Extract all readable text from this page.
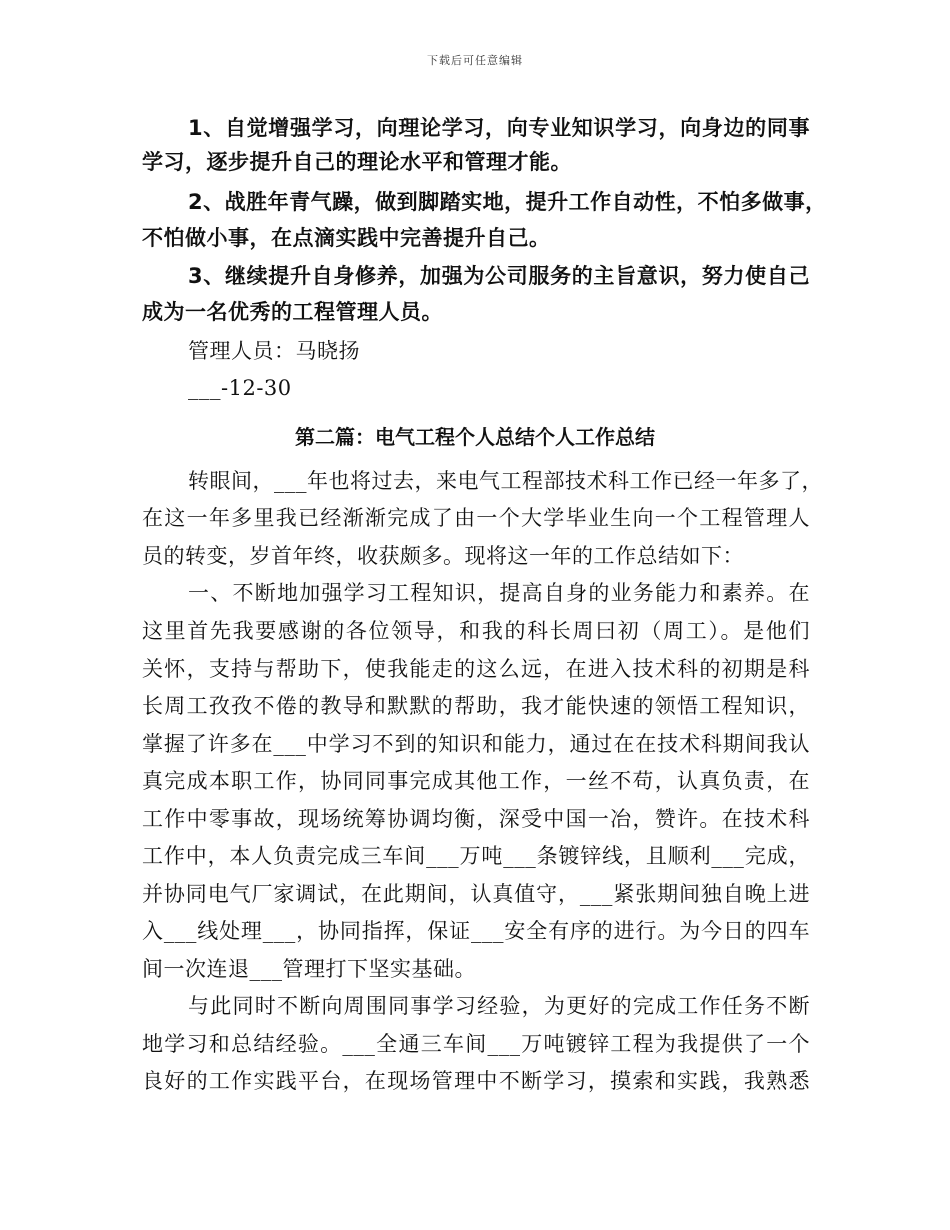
下载后可任意编辑
1、自觉增强学习，向理论学习，向专业知识学习，向身边的同事
学习，逐步提升自己的理论水平和管理才能。
2、战胜年青气躁，做到脚踏实地，提升工作自动性，不怕多做事，
不怕做小事，在点滴实践中完善提升自己。
3、继续提升自身修养，加强为公司服务的主旨意识，努力使自己
成为一名优秀的工程管理人员。
管理人员：马晓扬
___-12-30
第二篇：电气工程个人总结个人工作总结
转眼间，___年也将过去，来电气工程部技术科工作已经一年多了，
在这一年多里我已经渐渐完成了由一个大学毕业生向一个工程管理人
员的转变，岁首年终，收获颇多。现将这一年的工作总结如下：
一、不断地加强学习工程知识，提高自身的业务能力和素养。在
这里首先我要感谢的各位领导，和我的科长周曰初（周工）。是他们
关怀，支持与帮助下，使我能走的这么远，在进入技术科的初期是科
长周工孜孜不倦的教导和默默的帮助，我才能快速的领悟工程知识，
掌握了许多在___中学习不到的知识和能力，通过在在技术科期间我认
真完成本职工作，协同同事完成其他工作，一丝不苟，认真负责，在
工作中零事故，现场统筹协调均衡，深受中国一冶，赞许。在技术科
工作中，本人负责完成三车间___万吨___条镀锌线，且顺利___完成，
并协同电气厂家调试，在此期间，认真值守，___紧张期间独自晚上进
入___线处理___，协同指挥，保证___安全有序的进行。为今日的四车
间一次连退___管理打下坚实基础。
与此同时不断向周围同事学习经验，为更好的完成工作任务不断
地学习和总结经验。___全通三车间___万吨镀锌工程为我提供了一个
良好的工作实践平台，在现场管理中不断学习，摸索和实践，我熟悉
